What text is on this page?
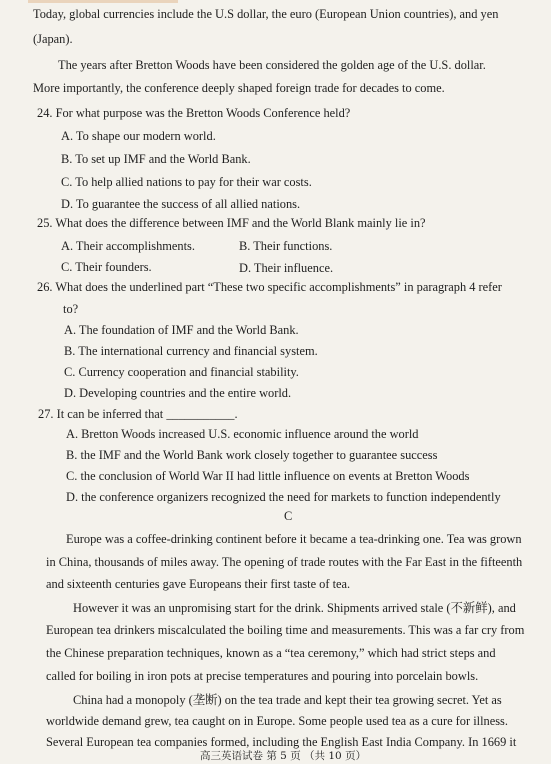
Today, global currencies include the U.S dollar, the euro (European Union countries), and yen
(Japan).
The years after Bretton Woods have been considered the golden age of the U.S. dollar.
More importantly, the conference deeply shaped foreign trade for decades to come.
24. For what purpose was the Bretton Woods Conference held?
A. To shape our modern world.
B. To set up IMF and the World Bank.
C. To help allied nations to pay for their war costs.
D. To guarantee the success of all allied nations.
25. What does the difference between IMF and the World Blank mainly lie in?
A. Their accomplishments.	B. Their functions.
C. Their founders.	D. Their influence.
26. What does the underlined part “These two specific accomplishments” in paragraph 4 refer
to?
A. The foundation of IMF and the World Bank.
B. The international currency and financial system.
C. Currency cooperation and financial stability.
D. Developing countries and the entire world.
27. It can be inferred that ___________.
A. Bretton Woods increased U.S. economic influence around the world
B. the IMF and the World Bank work closely together to guarantee success
C. the conclusion of World War II had little influence on events at Bretton Woods
D. the conference organizers recognized the need for markets to function independently
C
Europe was a coffee-drinking continent before it became a tea-drinking one. Tea was grown
in China, thousands of miles away. The opening of trade routes with the Far East in the fifteenth
and sixteenth centuries gave Europeans their first taste of tea.
However it was an unpromising start for the drink. Shipments arrived stale (不新鲜), and
European tea drinkers miscalculated the boiling time and measurements. This was a far cry from
the Chinese preparation techniques, known as a “tea ceremony,” which had strict steps and
called for boiling in iron pots at precise temperatures and pouring into porcelain bowls.
China had a monopoly (垄断) on the tea trade and kept their tea growing secret. Yet as
worldwide demand grew, tea caught on in Europe. Some people used tea as a cure for illness.
Several European tea companies formed, including the English East India Company. In 1669 it
高三英语试卷 第 5 页 （共 10 页）
